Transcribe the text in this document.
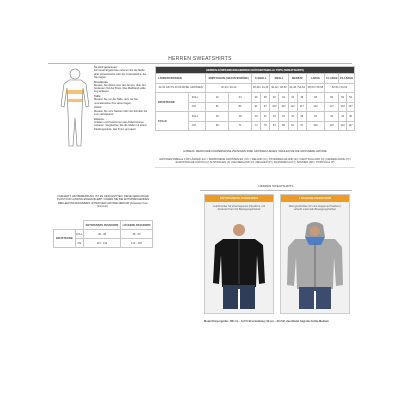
HERREN SWEATSHIRTS

So wird gemessen:
Für beste Ergebnisse nehmen Sie die Maße über Unterwäsche oder der Unterwäsche, die Sie tragen.

Brustbreite
Messen Sie direkt unter den Armen, über den breitesten Teil der Brust. Das Maßband sollte eng anliegen.

Taille
Messen Sie um die Taille, dort, wo Sie normalerweise Ihre Hose tragen.

Ärmel
Messen Sie vom Nacken über die Schulter bis zum Handgelenk.

Hinweis
Größen und Passformen der Artikel können variieren. Vergleichen Sie die Maße mit einem Kleidungsstück, das Ihnen gut passt.

HERREN KÖRPERMASSE/HERREN GRÖSSENTABELLE TOPS (SWEATSHIRTS)													
LÄNDERGRÖSSEN		EMPFOHLEN (GRAVATEGRÖßE)		X-SMALL		SMALL		MEDIUM		LARGE	X-LARGE	2X-LARGE	
32-34 GR XS 46 60-96 BE GRÖSSEN		32-34 / 40-42		36-38 / 44-46		40-42 / 48-50		44-46 / 52-54		48-50 / 56-58	52-54 / 60-62		
BRUSTKORB	ZOLL	32	34	36	38	40	42	44	46	48	50	52	54
	CM	81	86	91	97	102	107	112	117	122	127	132	137
TAILLE	ZOLL	26	28	29	31	32	34	36	38	40	42	44	46
	CM	66	71	74	79	81	86	91	97	102	107	112	117
HINWEIS: WENN IHRE KÖRPERMASSE ZWISCHEN ZWEI GRÖSSEN LIEGEN, WÄHLEN SIE DIE GRÖSSERE GRÖSSE
GRÖSSENTABELLE FÜR LÄNDER: EU = FERMONEDE GRÖSSEN EN | UK = BELAND (U) | ÖSTERREICH/LAND (E) = DEUTSCHLAND (N) | NIEDERLANDE (O) | EUROPÄISCHE UNION (A) | AUSTRALIEN (A) | NEUSEELAND (N) | BELGIEN (P) | FRANKREICH (F) | SPANIEN (SP) | PORTUGAL (P)
CARHARTT HAT BEMERKUNG IST ES GESCHNITTEN, DIESE GERÄUSCHE PLATZ FÜR LASSING ENGEN BLEIBT. FINDEN SIE DIE ENTSPRECHENDEN BEKLEIDUNGSNUMMERN UNTER DER GRÖSSE MEDIUM (Anweisen Ihrer Nummer).
		ENTSPANNTE PASSFORM	LOCKERE PASSFORM
BRUSTKORB	ZOLL	45 - 48	48 - 52
	CM	114 - 124	112 - 132
HERREN SWEATSHIRTS
ENTSPANNTE PASSFORM
Leicht locker für eine bequeme Passform, mit dezenter Form für Bewegungsfreiheit
LOCKERE PASSFORM
Weit geschnitten für eine bequeme Passform, erlaubt maximale Bewegungsfreiheit
Model Körpergröße: 185 cm – 6,2 Ft Brustumfang: 99 cm – 39 Zoll, das Model trägt die Größe Medium
